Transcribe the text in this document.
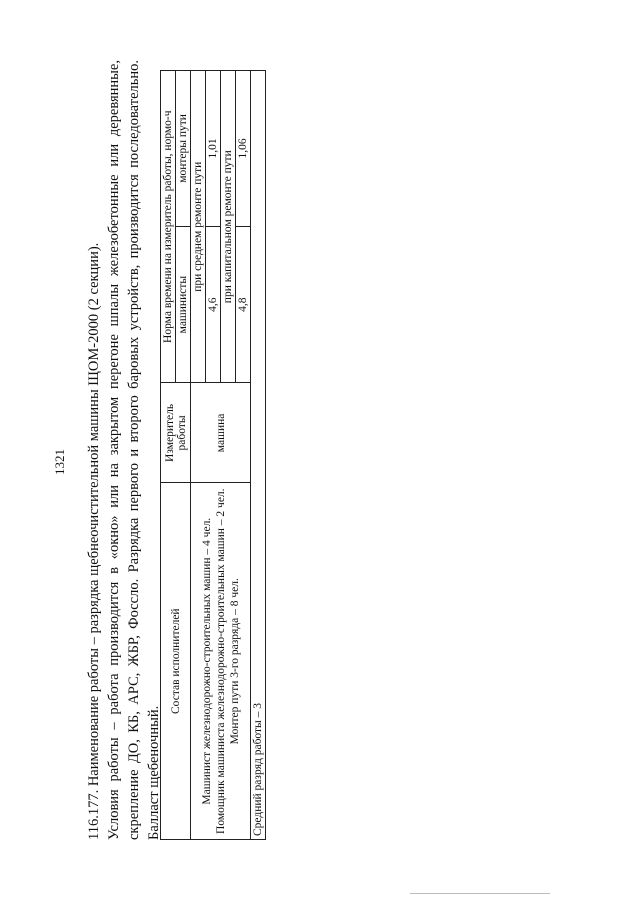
1321 116.177. Наименование работы – разрядка щебнеочистительной машины ЩОМ-2000 (2 секции). Условия работы – работа производится в «окно» или на закрытом перегоне шпалы железобетонные или деревянные, скрепление ДО, КБ, АРС, ЖБР, Фоссло. Разрядка первого и второго баровых устройств, производится последовательно. Балласт щебеночный.
Состав исполнителей	Измеритель работы	Норма времени на измеритель работы, нормо-ч	
		машинисты	монтеры пути

Машинист железнодорожно-строительных машин – 4 чел. Помощник машиниста железнодорожно-строительных машин – 2 чел. Монтер пути 3-го разряда – 8 чел.	машина	при среднем ремонте пути	
		4,6	1,01
		при капитальном ремонте пути	
		4,8	1,06
Средний разряд работы – 3			
